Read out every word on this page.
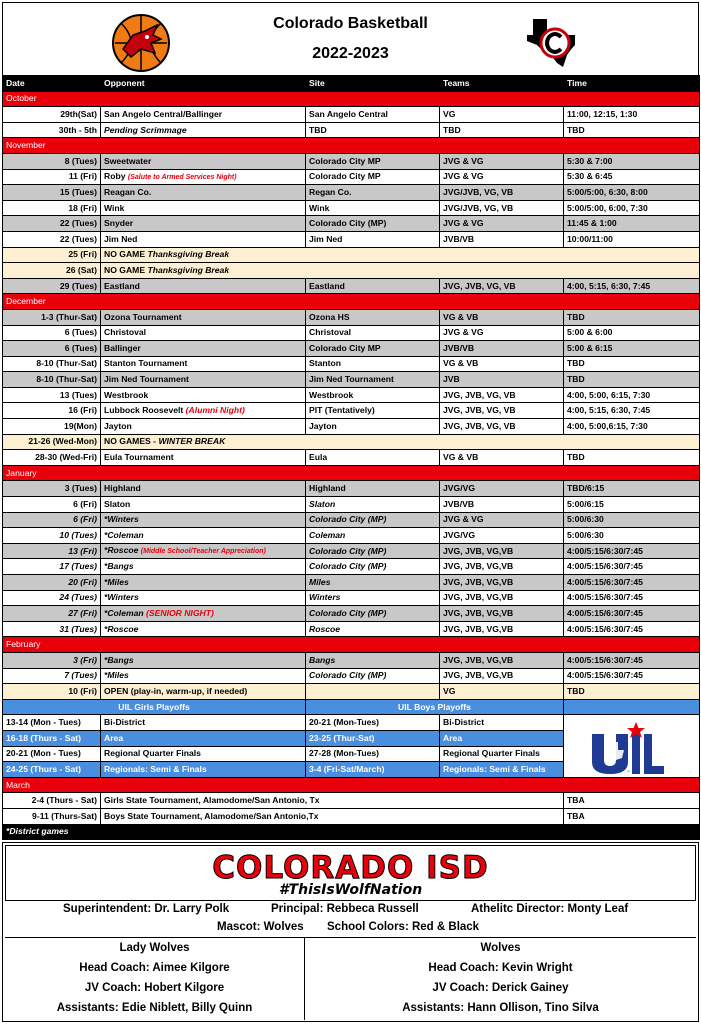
Colorado Basketball
2022-2023
Date	Opponent	Site	Teams	Time
October				
29th(Sat)	San Angelo Central/Ballinger	San Angelo Central	VG	11:00, 12:15, 1:30
30th - 5th	Pending Scrimmage	TBD	TBD	TBD
November				
8 (Tues)	Sweetwater	Colorado City MP	JVG & VG	5:30 & 7:00
11 (Fri)	Roby (Salute to Armed Services Night)	Colorado City MP	JVG & VG	5:30 & 6:45
15 (Tues)	Reagan Co.	Regan Co.	JVG/JVB, VG, VB	5:00/5:00, 6:30, 8:00
18 (Fri)	Wink	Wink	JVG/JVB, VG, VB	5:00/5:00, 6:00, 7:30
22 (Tues)	Snyder	Colorado City (MP)	JVG & VG	11:45 & 1:00
22 (Tues)	Jim Ned	Jim Ned	JVB/VB	10:00/11:00
25 (Fri)	NO GAME Thanksgiving Break			
26 (Sat)	NO GAME Thanksgiving Break			
29 (Tues)	Eastland	Eastland	JVG, JVB, VG, VB	4:00, 5:15, 6:30, 7:45
December				
1-3 (Thur-Sat)	Ozona Tournament	Ozona HS	VG & VB	TBD
6 (Tues)	Christoval	Christoval	JVG & VG	5:00 & 6:00
6 (Tues)	Ballinger	Colorado City MP	JVB/VB	5:00 & 6:15
8-10 (Thur-Sat)	Stanton Tournament	Stanton	VG & VB	TBD
8-10 (Thur-Sat)	Jim Ned Tournament	Jim Ned Tournament	JVB	TBD
13 (Tues)	Westbrook	Westbrook	JVG, JVB, VG, VB	4:00, 5:00, 6:15, 7:30
16 (Fri)	Lubbock Roosevelt (Alumni Night)	PIT (Tentatively)	JVG, JVB, VG, VB	4:00, 5:15, 6:30, 7:45
19(Mon)	Jayton	Jayton	JVG, JVB, VG, VB	4:00, 5:00,6:15, 7:30
21-26 (Wed-Mon)	NO GAMES - WINTER BREAK			
28-30 (Wed-Fri)	Eula Tournament	Eula	VG & VB	TBD
January				
3 (Tues)	Highland	Highland	JVG/VG	TBD/6:15
6 (Fri)	Slaton	Slaton	JVB/VB	5:00/6:15
6 (Fri)	*Winters	Colorado City (MP)	JVG & VG	5:00/6:30
10 (Tues)	*Coleman	Coleman	JVG/VG	5:00/6:30
13 (Fri)	*Roscoe (Middle School/Teacher Appreciation)	Colorado City (MP)	JVG, JVB, VG,VB	4:00/5:15/6:30/7:45
17 (Tues)	*Bangs	Colorado City (MP)	JVG, JVB, VG,VB	4:00/5:15/6:30/7:45
20 (Fri)	*Miles	Miles	JVG, JVB, VG,VB	4:00/5:15/6:30/7:45
24 (Tues)	*Winters	Winters	JVG, JVB, VG,VB	4:00/5:15/6:30/7:45
27 (Fri)	*Coleman (SENIOR NIGHT)	Colorado City (MP)	JVG, JVB, VG,VB	4:00/5:15/6:30/7:45
31 (Tues)	*Roscoe	Roscoe	JVG, JVB, VG,VB	4:00/5:15/6:30/7:45
February				
3 (Fri)	*Bangs	Bangs	JVG, JVB, VG,VB	4:00/5:15/6:30/7:45
7 (Tues)	*Miles	Colorado City (MP)	JVG, JVB, VG,VB	4:00/5:15/6:30/7:45
10 (Fri)	OPEN (play-in, warm-up, if needed)		VG	TBD
UIL Girls Playoffs		UIL Boys Playoffs		
13-14 (Mon - Tues)	Bi-District	20-21 (Mon-Tues)	Bi-District	
16-18 (Thurs - Sat)	Area	23-25 (Thur-Sat)	Area	
20-21 (Mon - Tues)	Regional Quarter Finals	27-28 (Mon-Tues)	Regional Quarter Finals	
24-25 (Thurs - Sat)	Regionals: Semi & Finals	3-4 (Fri-Sat/March)	Regionals: Semi & Finals	
March				
2-4 (Thurs - Sat)	Girls State Tournament, Alamodome/San Antonio, Tx			TBA
9-11 (Thurs-Sat)	Boys State Tournament, Alamodome/San Antonio,Tx			TBA
*District games				
UIL
COLORADO ISD
#ThisIsWolfNation
Superintendent: Dr. Larry Polk	Principal: Rebbeca Russell	Athelitc Director: Monty Leaf
Mascot: Wolves School Colors: Red & Black
Lady Wolves
Head Coach: Aimee Kilgore
JV Coach: Hobert Kilgore
Assistants: Edie Niblett, Billy Quinn
Wolves
Head Coach: Kevin Wright
JV Coach: Derick Gainey
Assistants: Hann Ollison, Tino Silva
